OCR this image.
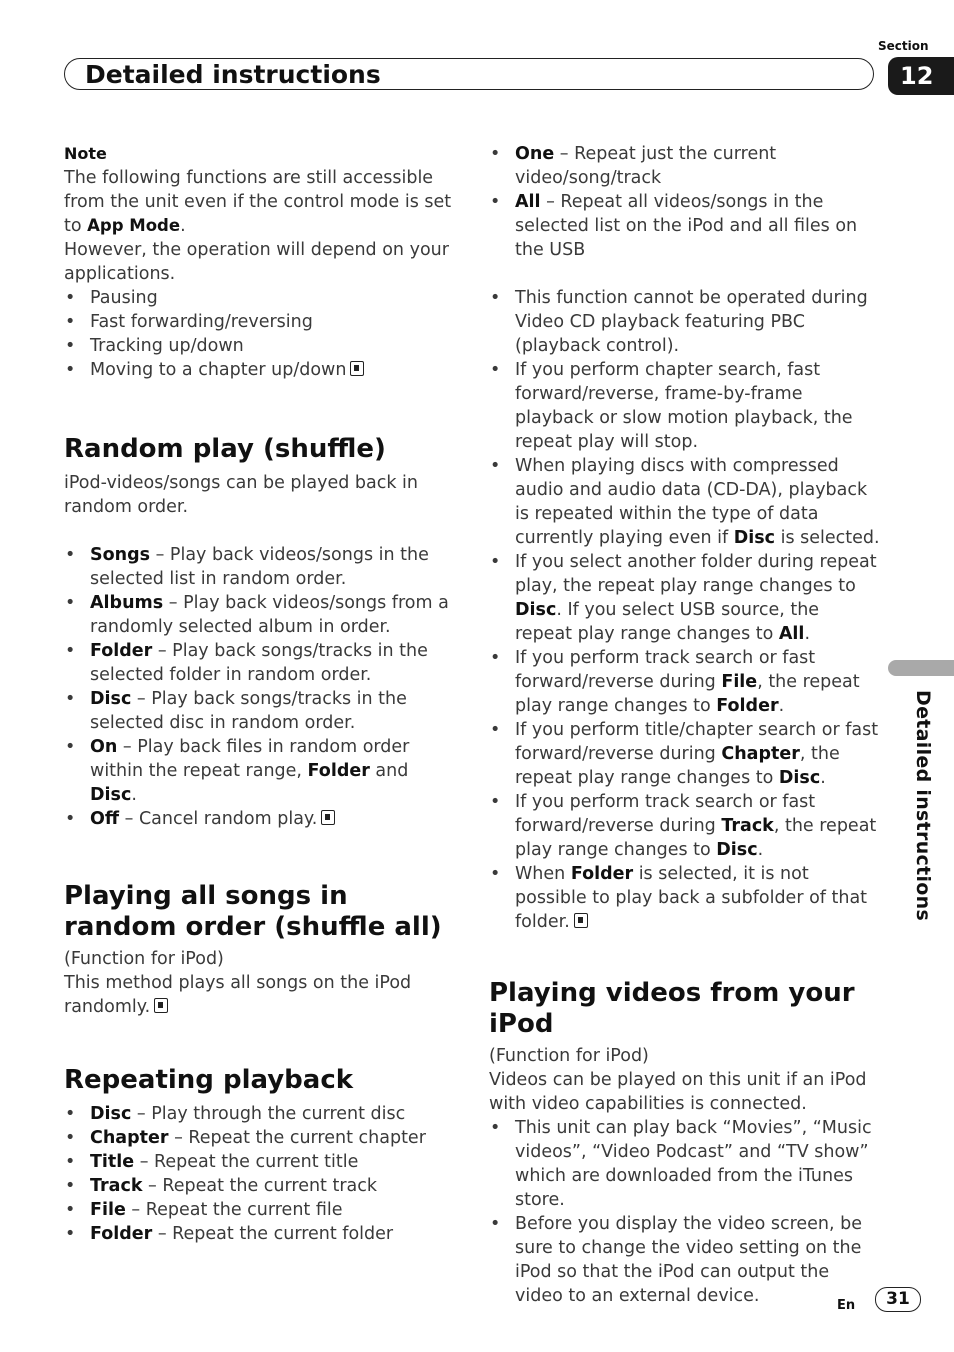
Detailed instructions
Section
12
Detailed instructions

Note

The following functions are still accessible from the unit even if the control mode is set to App Mode.

However, the operation will depend on your applications.

• Pausing
• Fast forwarding/reversing
• Tracking up/down
• Moving to a chapter up/down
Random play (shuffle)

iPod-videos/songs can be played back in random order.

• Songs – Play back videos/songs in the selected list in random order.
• Albums – Play back videos/songs from a randomly selected album in order.
• Folder – Play back songs/tracks in the selected folder in random order.
• Disc – Play back songs/tracks in the selected disc in random order.
• On – Play back files in random order within the repeat range, Folder and Disc.
• Off – Cancel random play.
Playing all songs in random order (shuffle all)

(Function for iPod)

This method plays all songs on the iPod randomly.

Repeating playback
• Disc – Play through the current disc
• Chapter – Repeat the current chapter
• Title – Repeat the current title
• Track – Repeat the current track
• File – Repeat the current file
• Folder – Repeat the current folder
• One – Repeat just the current video/song/track
• All – Repeat all videos/songs in the selected list on the iPod and all files on the USB
• This function cannot be operated during Video CD playback featuring PBC (playback control).
• If you perform chapter search, fast forward/reverse, frame-by-frame playback or slow motion playback, the repeat play will stop.
• When playing discs with compressed audio and audio data (CD-DA), playback is repeated within the type of data currently playing even if Disc is selected.
• If you select another folder during repeat play, the repeat play range changes to Disc. If you select USB source, the repeat play range changes to All.
• If you perform track search or fast forward/reverse during File, the repeat play range changes to Folder.
• If you perform title/chapter search or fast forward/reverse during Chapter, the repeat play range changes to Disc.
• If you perform track search or fast forward/reverse during Track, the repeat play range changes to Disc.
• When Folder is selected, it is not possible to play back a subfolder of that folder.
Playing videos from your iPod

(Function for iPod)

Videos can be played on this unit if an iPod with video capabilities is connected.

• This unit can play back “Movies”, “Music videos”, “Video Podcast” and “TV show” which are downloaded from the iTunes store.
• Before you display the video screen, be sure to change the video setting on the iPod so that the iPod can output the video to an external device.	En	31
